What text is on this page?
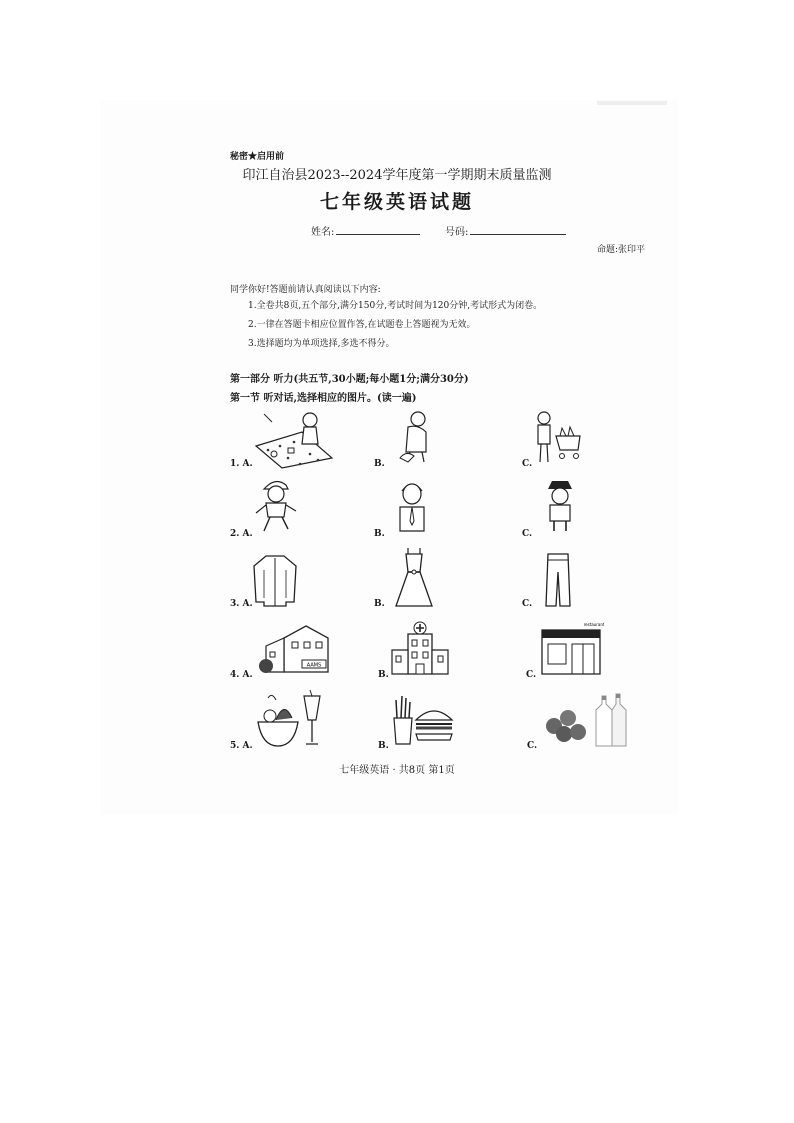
秘密★启用前
印江自治县2023--2024学年度第一学期期末质量监测
七年级英语试题
姓名:	号码:
命题:张印平
同学你好!答题前请认真阅读以下内容:
1.全卷共8页,五个部分,满分150分,考试时间为120分钟,考试形式为闭卷。
2.一律在答题卡相应位置作答,在试题卷上答题视为无效。
3.选择题均为单项选择,多选不得分。
第一部分 听力(共五节,30小题;每小题1分;满分30分)
第一节 听对话,选择相应的图片。(读一遍)
1. A.	B.	C.
2. A.	B.	C.
3. A.	B.	C.
4. A.	B.	C.
AAMS
restaurant
5. A.	B.	C.
七年级英语 · 共8页 第1页
